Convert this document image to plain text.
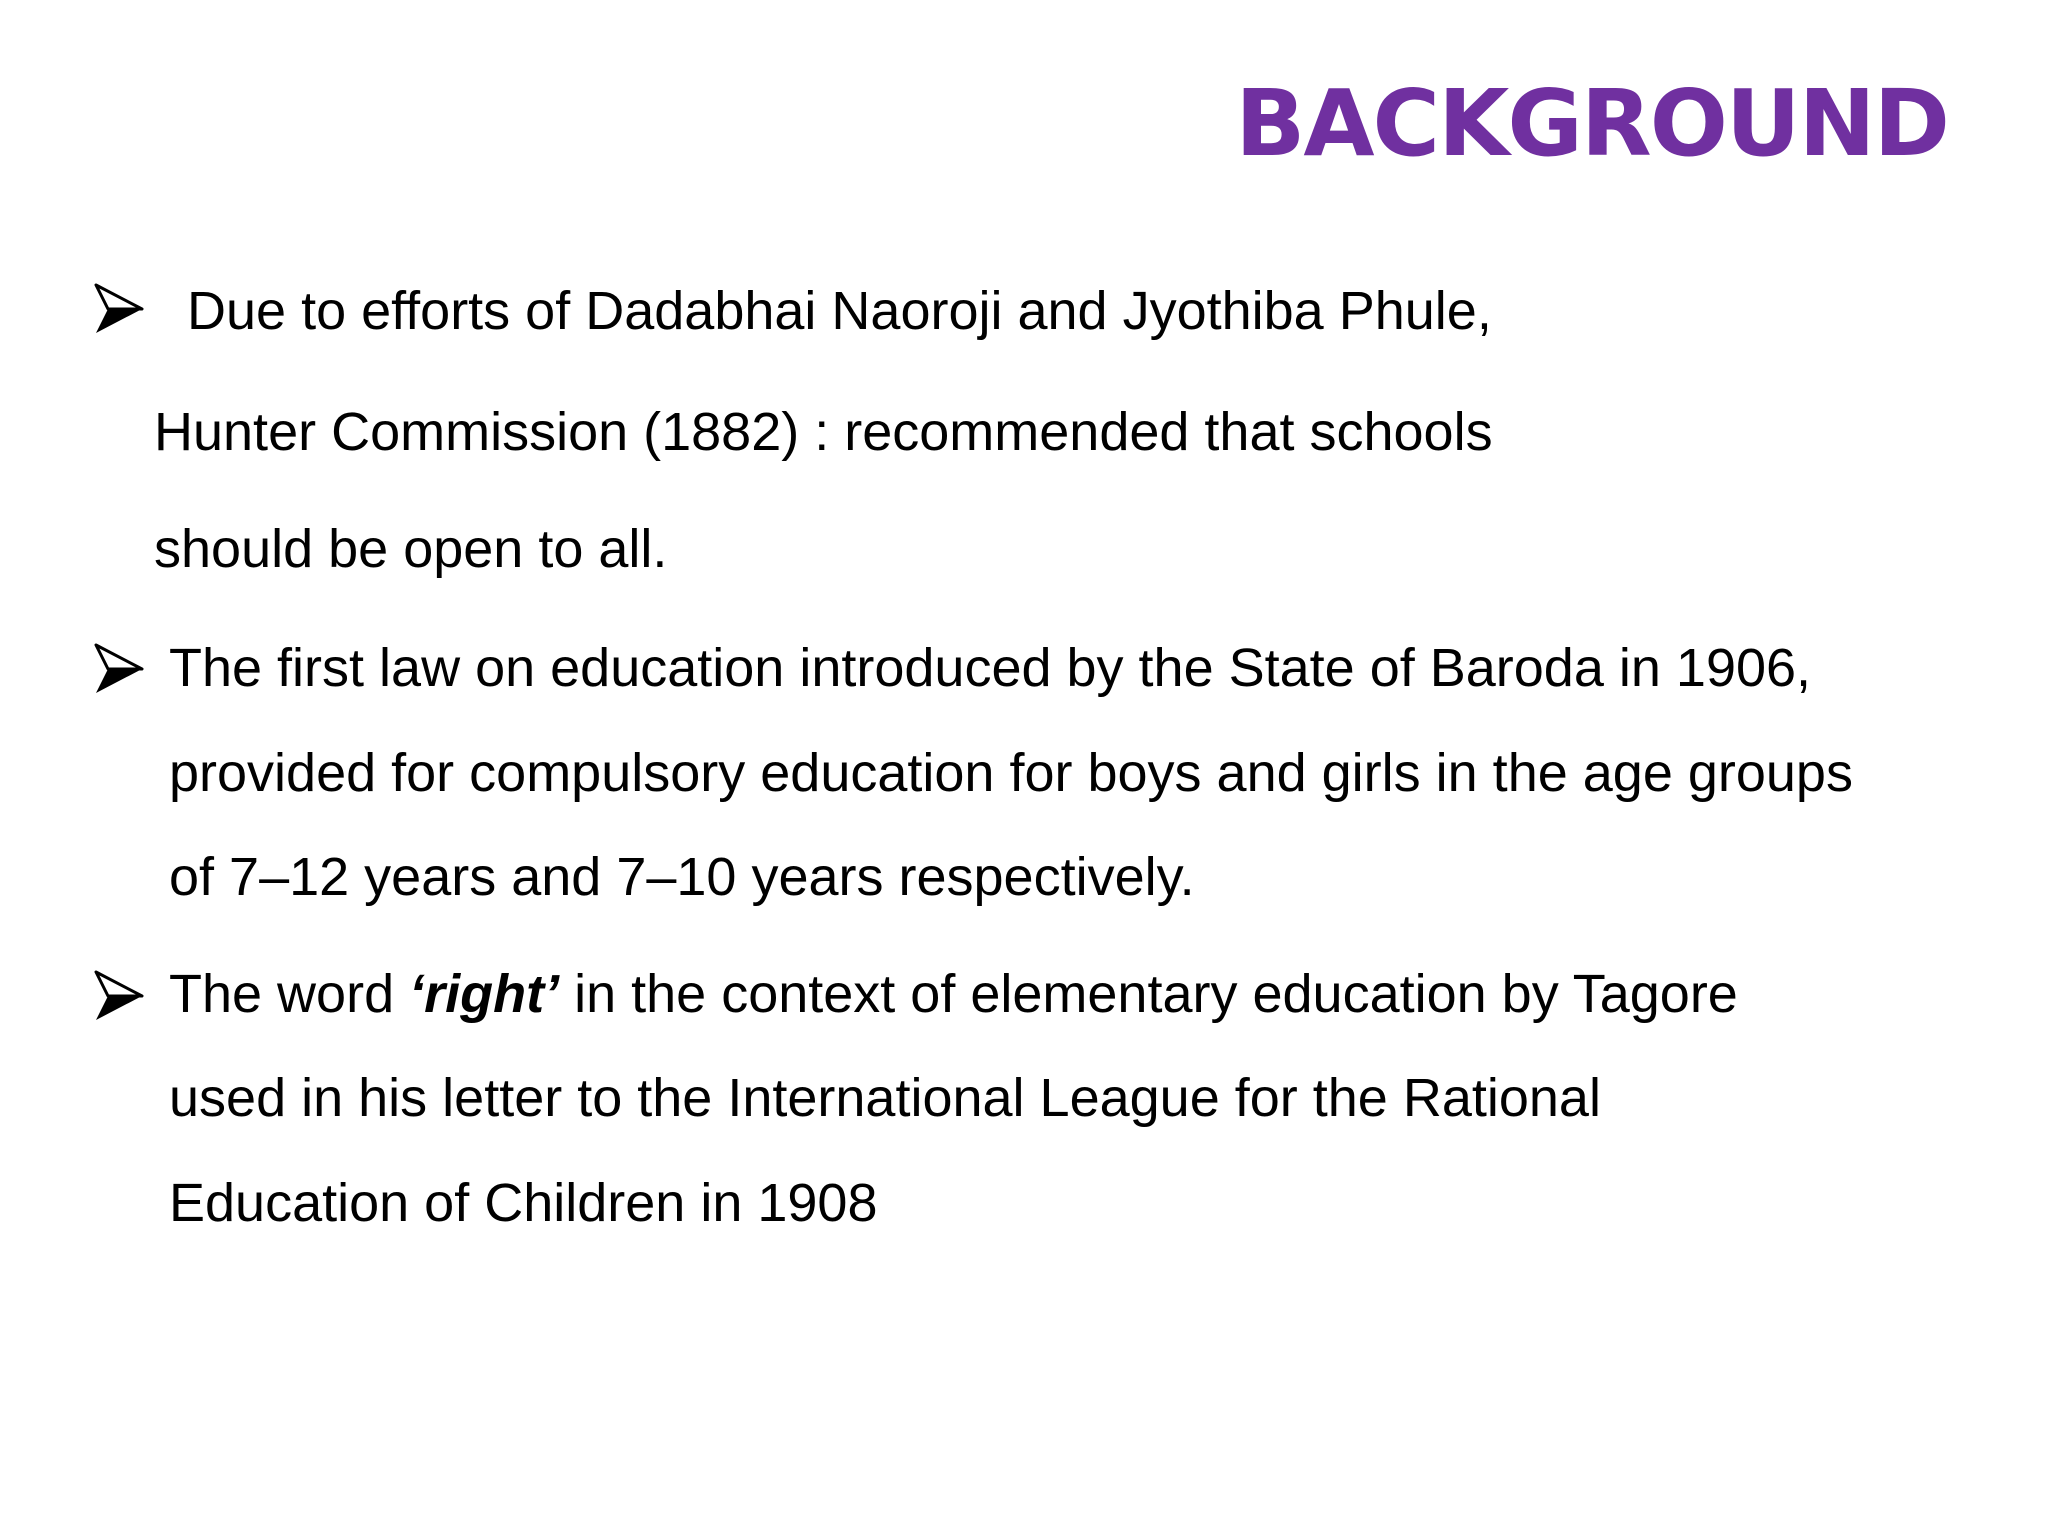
BACKGROUND
Due to efforts of Dadabhai Naoroji and Jyothiba Phule,
Hunter Commission (1882) : recommended that schools
should be open to all.
The first law on education introduced by the State of Baroda in 1906,
provided for compulsory education for boys and girls in the age groups
of 7–12 years and 7–10 years respectively.
The word ‘right’ in the context of elementary education by Tagore
used in his letter to the International League for the Rational
Education of Children in 1908
